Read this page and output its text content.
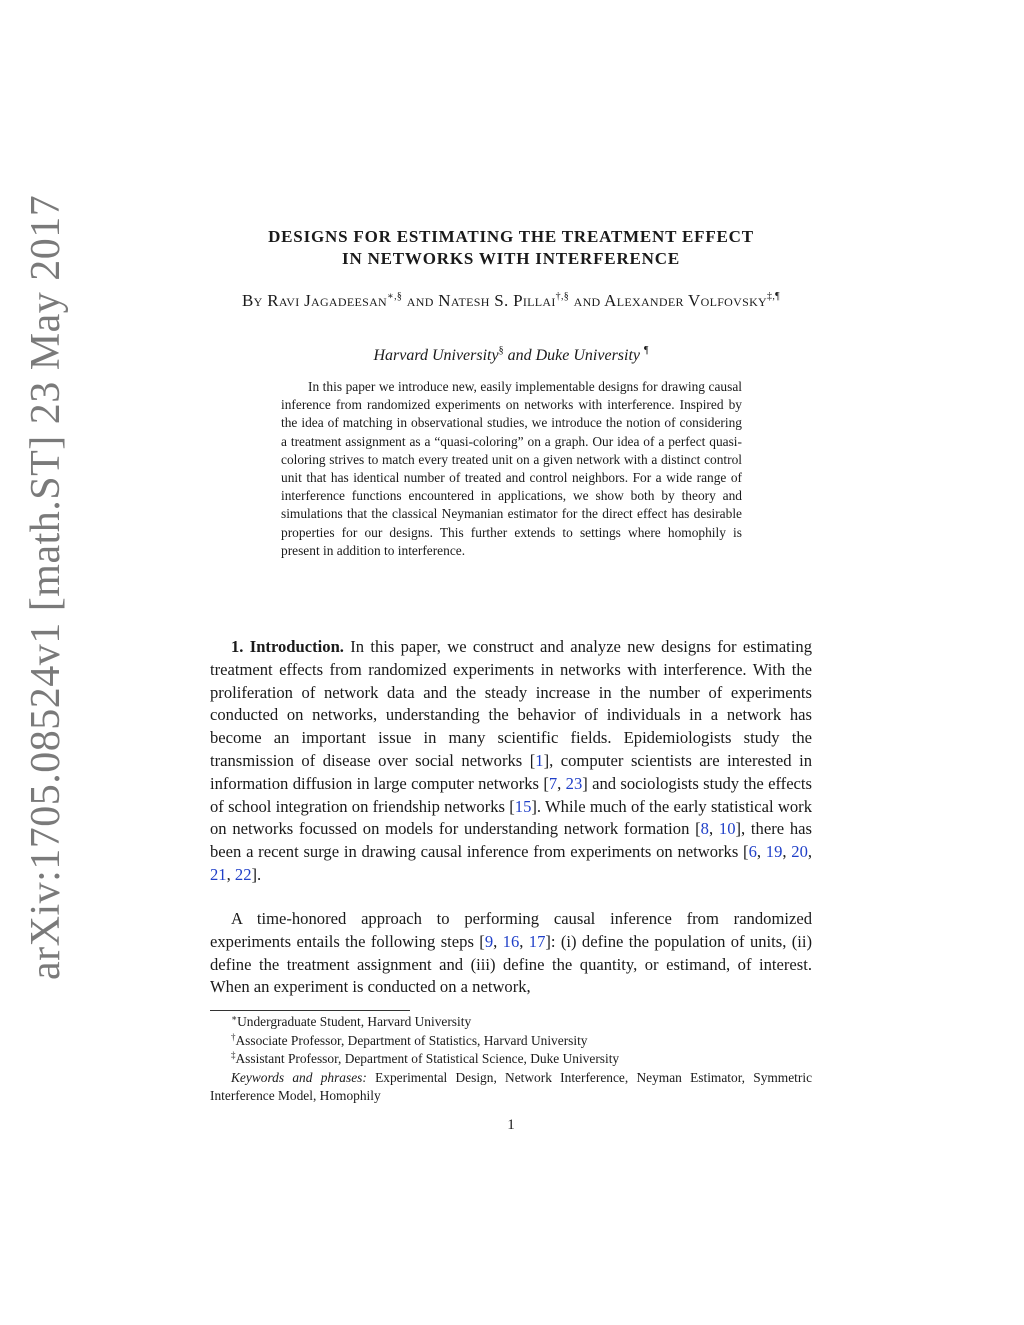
arXiv:1705.08524v1 [math.ST] 23 May 2017	DESIGNS FOR ESTIMATING THE TREATMENT EFFECT
IN NETWORKS WITH INTERFERENCE
By Ravi Jagadeesan∗,§ and Natesh S. Pillai†,§ and Alexander Volfovsky‡,¶
Harvard University§ and Duke University ¶

In this paper we introduce new, easily implementable designs for drawing causal inference from randomized experiments on networks with interference. Inspired by the idea of matching in observational studies, we introduce the notion of considering a treatment assignment as a “quasi-coloring” on a graph. Our idea of a perfect quasi-coloring strives to match every treated unit on a given network with a distinct control unit that has identical number of treated and control neighbors. For a wide range of interference functions encountered in applications, we show both by theory and simulations that the classical Neymanian estimator for the direct effect has desirable properties for our designs. This further extends to settings where homophily is present in addition to interference.

1. Introduction. In this paper, we construct and analyze new designs for estimating treatment effects from randomized experiments in networks with interference. With the proliferation of network data and the steady increase in the number of experiments conducted on networks, understanding the behavior of individuals in a network has become an important issue in many scientific fields. Epidemiologists study the transmission of disease over social networks [1], computer scientists are interested in information diffusion in large computer networks [7, 23] and sociologists study the effects of school integration on friendship networks [15]. While much of the early statistical work on networks focussed on models for understanding network formation [8, 10], there has been a recent surge in drawing causal inference from experiments on networks [6, 19, 20, 21, 22].

A time-honored approach to performing causal inference from randomized experiments entails the following steps [9, 16, 17]: (i) define the population of units, (ii) define the treatment assignment and (iii) define the quantity, or estimand, of interest. When an experiment is conducted on a network,

∗Undergraduate Student, Harvard University

†Associate Professor, Department of Statistics, Harvard University

‡Assistant Professor, Department of Statistical Science, Duke University

Keywords and phrases: Experimental Design, Network Interference, Neyman Estimator, Symmetric Interference Model, Homophily

1
